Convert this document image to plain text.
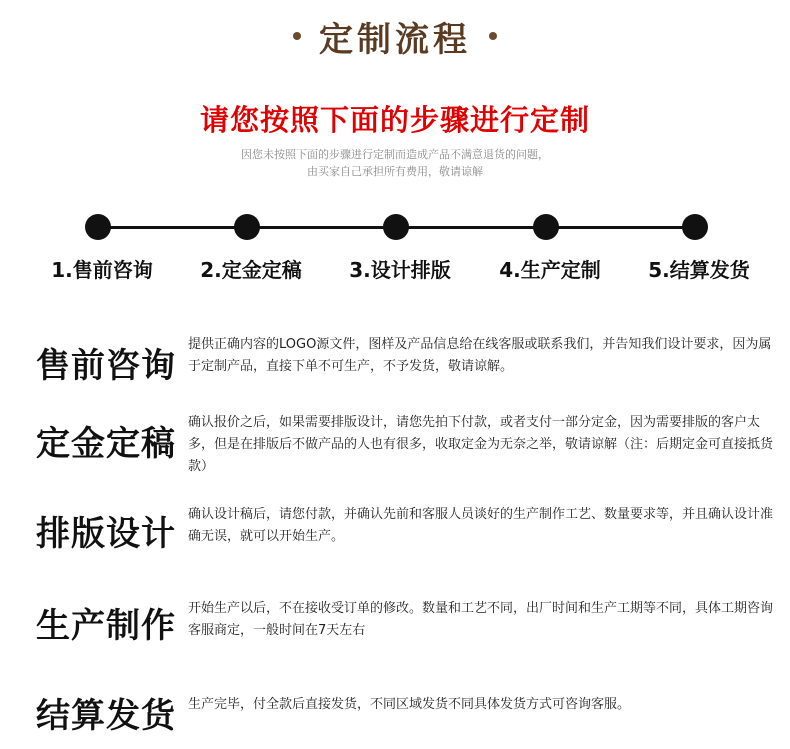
定制流程
请您按照下面的步骤进行定制
因您未按照下面的步骤进行定制而造成产品不满意退货的问题，
由买家自己承担所有费用，敬请谅解
1.售前咨询	2.定金定稿	3.设计排版	4.生产定制	5.结算发货
售前咨询
提供正确内容的LOGO源文件，图样及产品信息给在线客服或联系我们，并告知我们设计要求，因为属于定制产品，直接下单不可生产，不予发货，敬请谅解。
定金定稿
确认报价之后，如果需要排版设计，请您先拍下付款，或者支付一部分定金，因为需要排版的客户太多，但是在排版后不做产品的人也有很多，收取定金为无奈之举，敬请谅解（注：后期定金可直接抵货款）
排版设计 确认设计稿后，请您付款，并确认先前和客服人员谈好的生产制作工艺、数量要求等，并且确认设计准确无误，就可以开始生产。
生产制作 开始生产以后，不在接收受订单的修改。数量和工艺不同，出厂时间和生产工期等不同，具体工期咨询客服商定，一般时间在7天左右
结算发货 生产完毕，付全款后直接发货，不同区域发货不同具体发货方式可咨询客服。
